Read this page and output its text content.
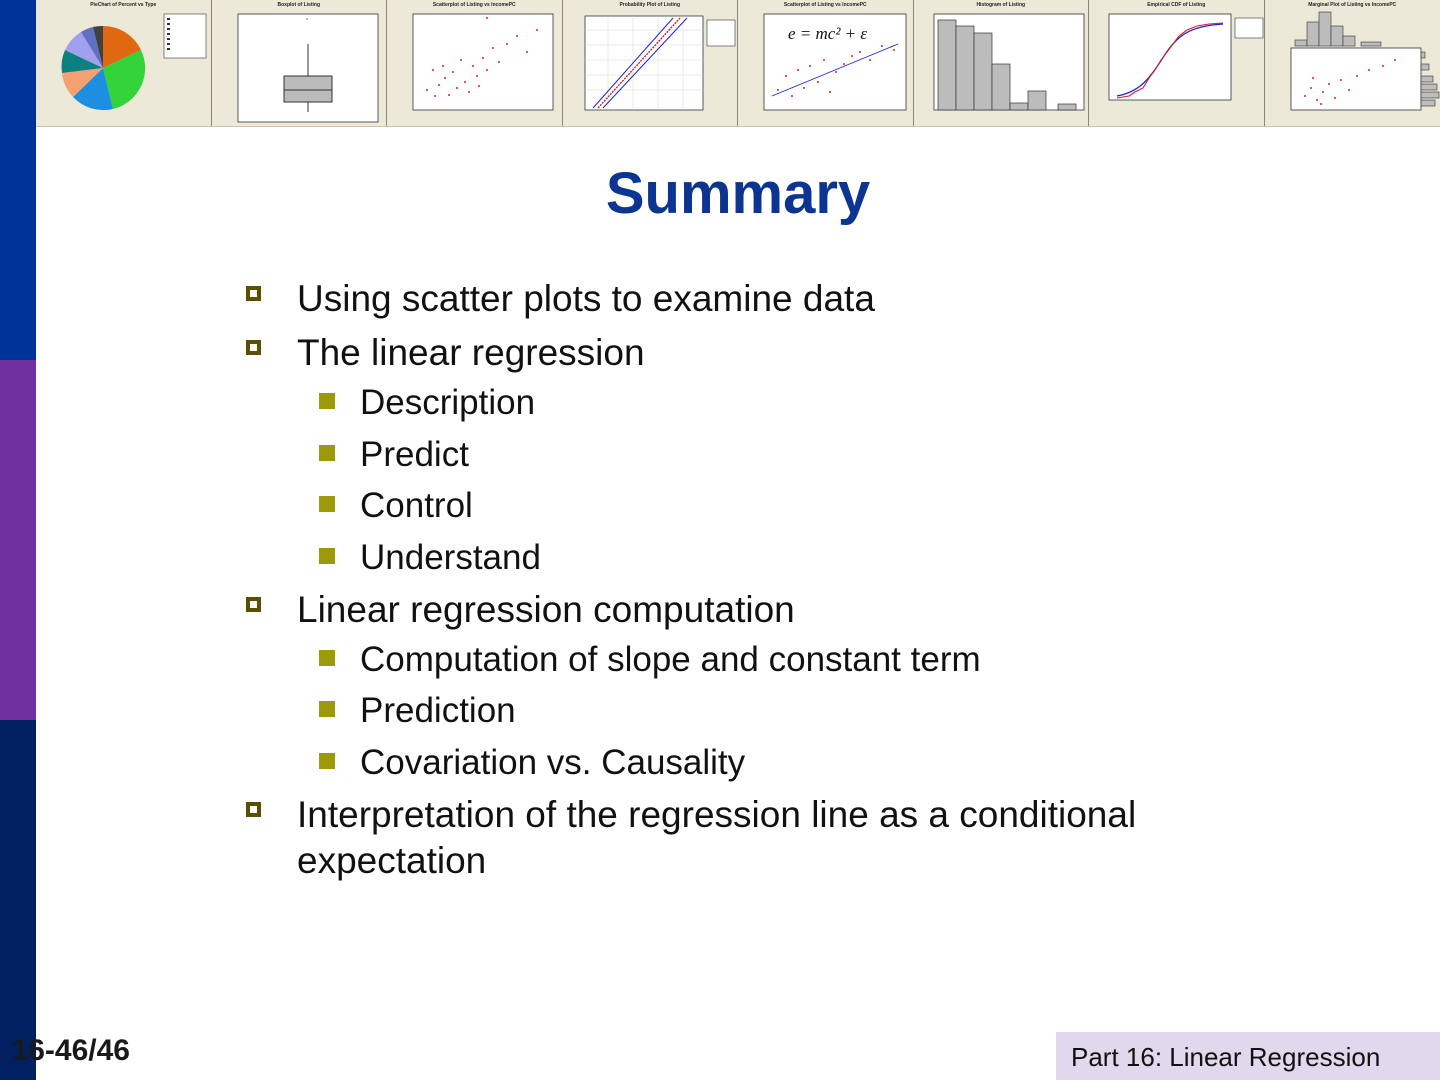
PieChart of Percent vs Type	Boxplot of Listing
*
Scatterplot of Listing vs IncomePC	Probability Plot of Listing	Scatterplot of Listing vs IncomePC
e = mc² + ε
Histogram of Listing	Empirical CDF of Listing	Marginal Plot of Listing vs IncomePC
Summary
Using scatter plots to examine data
The linear regression
Description
Predict
Control
Understand
Linear regression computation
Computation of slope and constant term
Prediction
Covariation vs. Causality
Interpretation of the regression line as a conditional expectation
16-46/46	Part 16: Linear Regression
